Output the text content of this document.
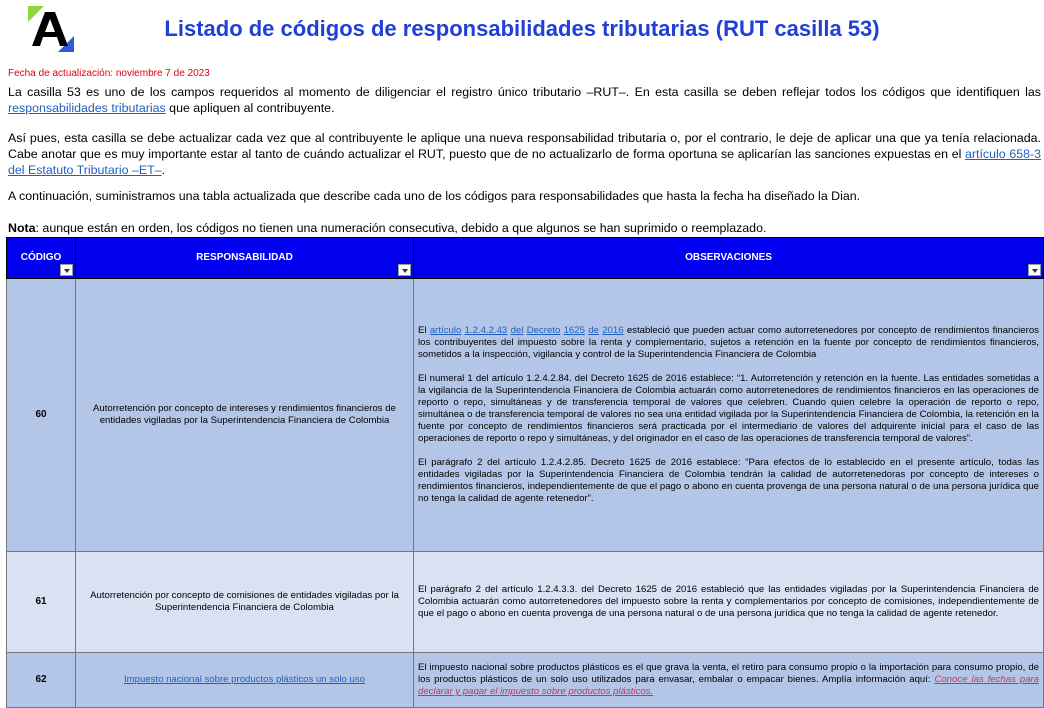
Listado de códigos de responsabilidades tributarias (RUT casilla 53)
Fecha de actualización: noviembre 7 de 2023
La casilla 53 es uno de los campos requeridos al momento de diligenciar el registro único tributario –RUT–. En esta casilla se deben reflejar todos los códigos que identifiquen las responsabilidades tributarias que apliquen al contribuyente.
Así pues, esta casilla se debe actualizar cada vez que al contribuyente le aplique una nueva responsabilidad tributaria o, por el contrario, le deje de aplicar una que ya tenía relacionada. Cabe anotar que es muy importante estar al tanto de cuándo actualizar el RUT, puesto que de no actualizarlo de forma oportuna se aplicarían las sanciones expuestas en el artículo 658-3 del Estatuto Tributario –ET–.
A continuación, suministramos una tabla actualizada que describe cada uno de los códigos para responsabilidades que hasta la fecha ha diseñado la Dian.
Nota: aunque están en orden, los códigos no tienen una numeración consecutiva, debido a que algunos se han suprimido o reemplazado.
CÓDIGO	RESPONSABILIDAD	OBSERVACIONES

60	Autorretención por concepto de intereses y rendimientos financieros de entidades vigiladas por la Superintendencia Financiera de Colombia	El artículo 1.2.4.2.43 del Decreto 1625 de 2016 estableció que pueden actuar como autorretenedores por concepto de rendimientos financieros los contribuyentes del impuesto sobre la renta y complementario, sujetos a retención en la fuente por concepto de rendimientos financieros, sometidos a la inspección, vigilancia y control de la Superintendencia Financiera de Colombia

El numeral 1 del artículo 1.2.4.2.84. del Decreto 1625 de 2016 establece: “1. Autorretención y retención en la fuente. Las entidades sometidas a la vigilancia de la Superintendencia Financiera de Colombia actuarán como autorretenedores de rendimientos financieros en las operaciones de reporto o repo, simultáneas y de transferencia temporal de valores que celebren. Cuando quien celebre la operación de reporto o repo, simultánea o de transferencia temporal de valores no sea una entidad vigilada por la Superintendencia Financiera de Colombia, la retención en la fuente por concepto de rendimientos financieros será practicada por el intermediario de valores del adquirente inicial para el caso de las operaciones de reporto o repo y simultáneas, y del originador en el caso de las operaciones de transferencia temporal de valores”.

El parágrafo 2 del artículo 1.2.4.2.85. Decreto 1625 de 2016 establece: “Para efectos de lo establecido en el presente artículo, todas las entidades vigiladas por la Superintendencia Financiera de Colombia tendrán la calidad de autorretenedoras por concepto de intereses o rendimientos financieros, independientemente de que el pago o abono en cuenta provenga de una persona natural o de una persona jurídica que no tenga la calidad de agente retenedor”.

61	Autorretención por concepto de comisiones de entidades vigiladas por la Superintendencia Financiera de Colombia	El parágrafo 2 del artículo 1.2.4.3.3. del Decreto 1625 de 2016 estableció que las entidades vigiladas por la Superintendencia Financiera de Colombia actuarán como autorretenedores del impuesto sobre la renta y complementarios por concepto de comisiones, independientemente de que el pago o abono en cuenta provenga de una persona natural o de una persona jurídica que no tenga la calidad de agente retenedor.
62	Impuesto nacional sobre productos plásticos un solo uso	El impuesto nacional sobre productos plásticos es el que grava la venta, el retiro para consumo propio o la importación para consumo propio, de los productos plásticos de un solo uso utilizados para envasar, embalar o empacar bienes. Amplía información aquí: Conoce las fechas para declarar y pagar el impuesto sobre productos plásticos.
